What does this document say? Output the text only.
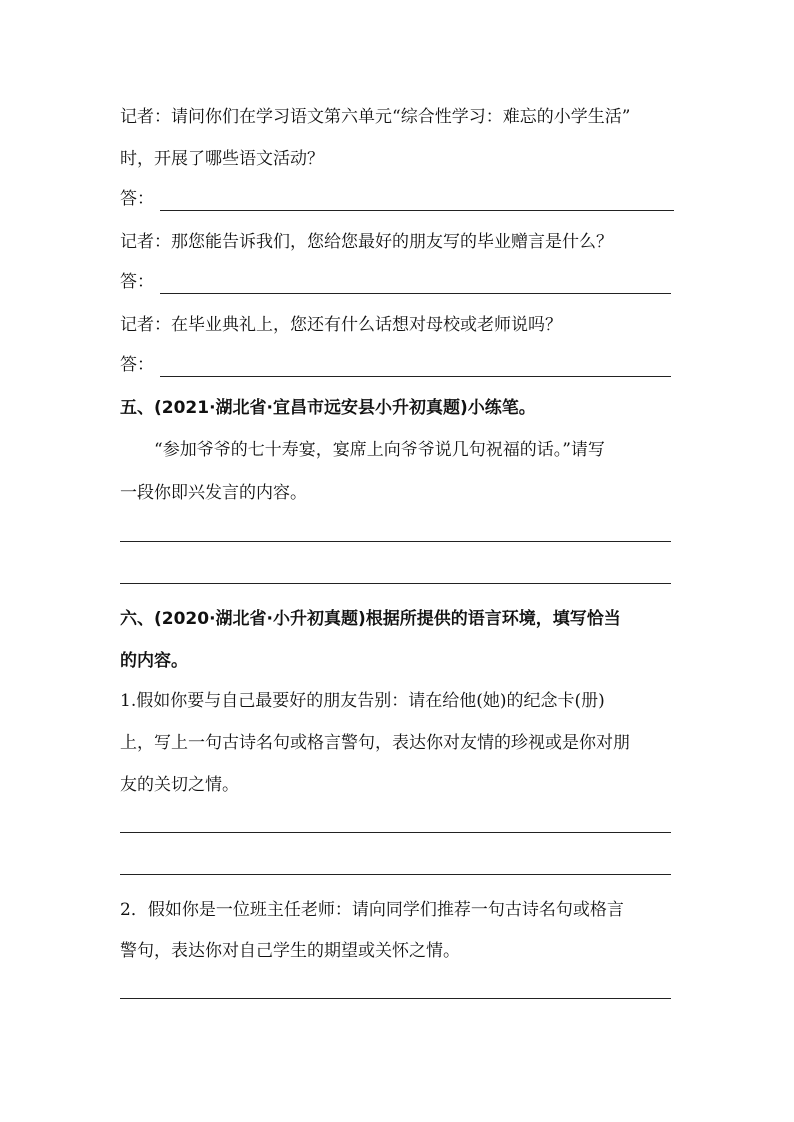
记者：请问你们在学习语文第六单元“综合性学习：难忘的小学生活”
时，开展了哪些语文活动？
答：
记者：那您能告诉我们，您给您最好的朋友写的毕业赠言是什么？
答：
记者：在毕业典礼上，您还有什么话想对母校或老师说吗？
答：
五、(2021·湖北省·宜昌市远安县小升初真题)小练笔。
“参加爷爷的七十寿宴，宴席上向爷爷说几句祝福的话。”请写
一段你即兴发言的内容。
六、(2020·湖北省·小升初真题)根据所提供的语言环境，填写恰当
的内容。
1.假如你要与自己最要好的朋友告别：请在给他(她)的纪念卡(册)
上，写上一句古诗名句或格言警句，表达你对友情的珍视或是你对朋
友的关切之情。
2．假如你是一位班主任老师：请向同学们推荐一句古诗名句或格言
警句，表达你对自己学生的期望或关怀之情。
